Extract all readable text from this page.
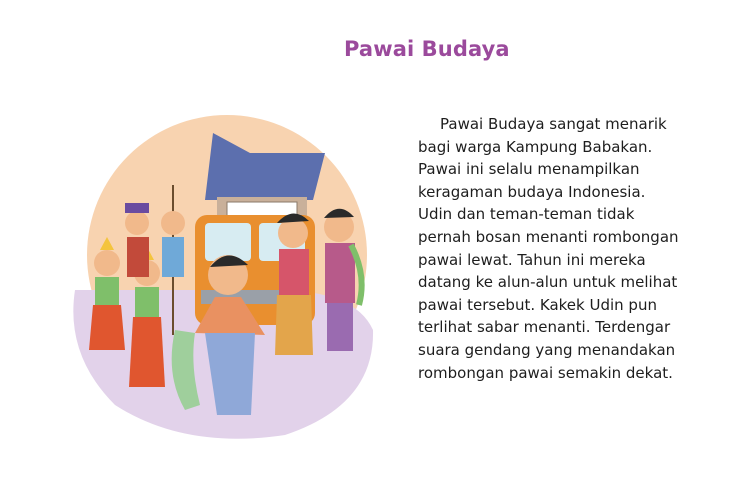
Pawai Budaya

Pawai Budaya sangat menarik
bagi warga Kampung Babakan.
Pawai ini selalu menampilkan
keragaman budaya Indonesia.
Udin dan teman-teman tidak
pernah bosan menanti rombongan
pawai lewat. Tahun ini mereka
datang ke alun-alun untuk melihat
pawai tersebut. Kakek Udin pun
terlihat sabar menanti. Terdengar
suara gendang yang menandakan
rombongan pawai semakin dekat.
